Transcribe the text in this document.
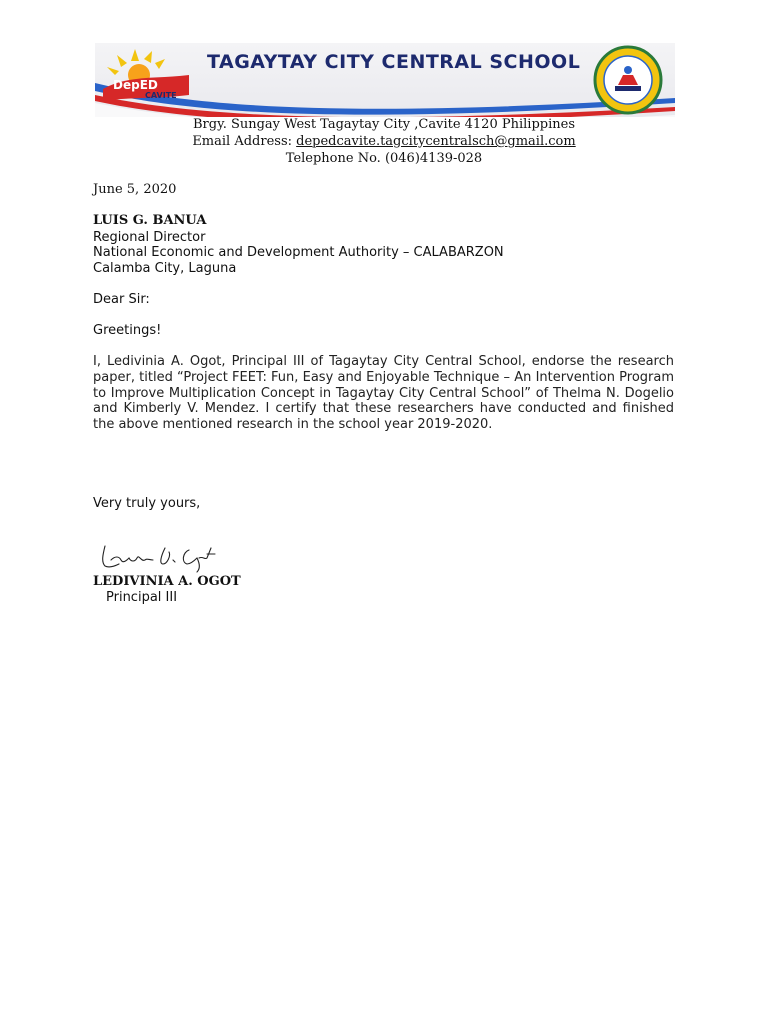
DepED
CAVITE
TAGAYTAY CITY CENTRAL SCHOOL
Brgy. Sungay West Tagaytay City ,Cavite 4120 Philippines
Email Address: depedcavite.tagcitycentralsch@gmail.com
Telephone No. (046)4139-028
June 5, 2020
LUIS G. BANUA
Regional Director
National Economic and Development Authority – CALABARZON
Calamba City, Laguna
Dear Sir:
Greetings!
I, Ledivinia A. Ogot, Principal III of Tagaytay City Central School, endorse the research paper, titled “Project FEET: Fun, Easy and Enjoyable Technique – An Intervention Program to Improve Multiplication Concept in Tagaytay City Central School” of Thelma N. Dogelio and Kimberly V. Mendez. I certify that these researchers have conducted and finished the above mentioned research in the school year 2019-2020.
Very truly yours,
LEDIVINIA A. OGOT
Principal III
